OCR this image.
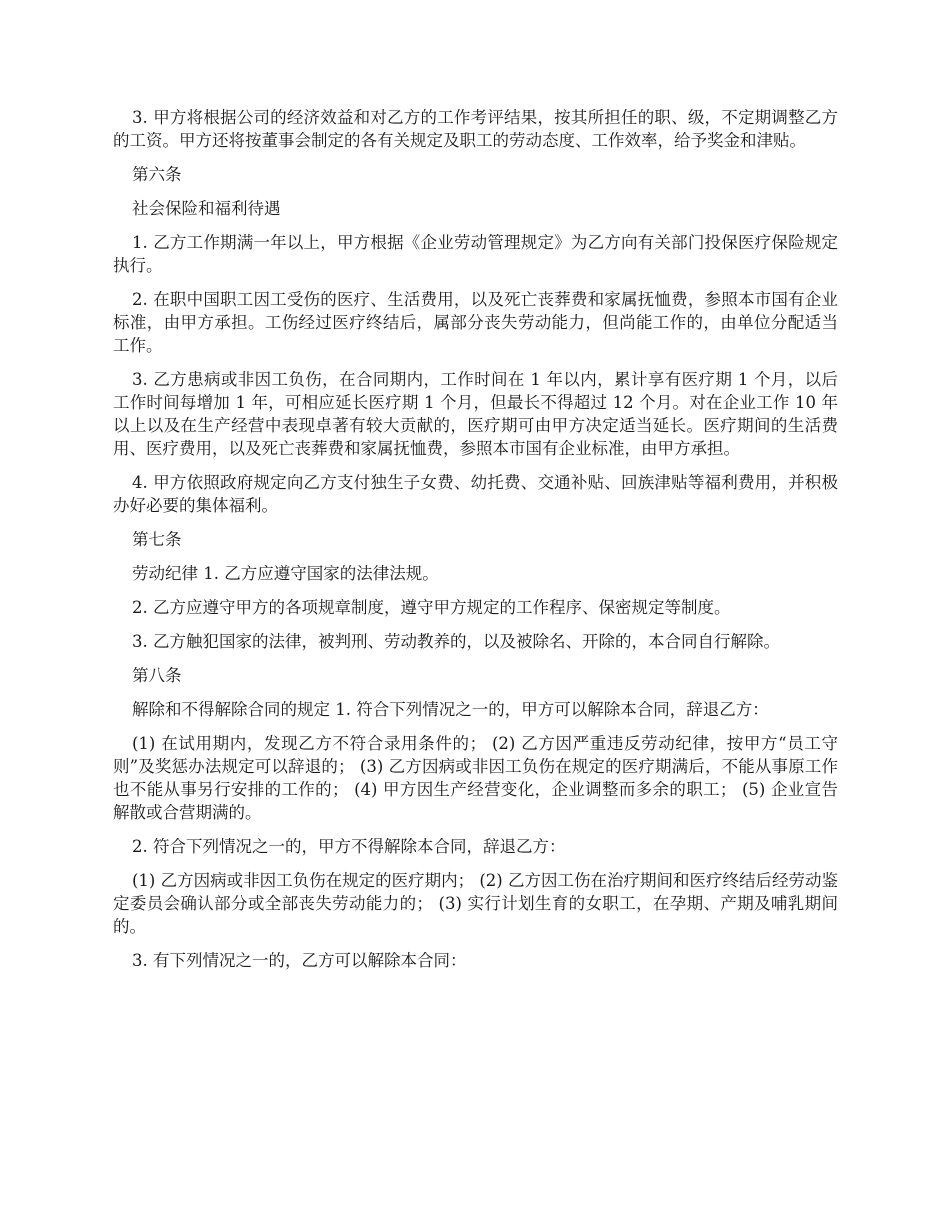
3. 甲方将根据公司的经济效益和对乙方的工作考评结果，按其所担任的职、级，不定期调整乙方的工资。甲方还将按董事会制定的各有关规定及职工的劳动态度、工作效率，给予奖金和津贴。

第六条

社会保险和福利待遇

1. 乙方工作期满一年以上，甲方根据《企业劳动管理规定》为乙方向有关部门投保医疗保险规定执行。

2. 在职中国职工因工受伤的医疗、生活费用，以及死亡丧葬费和家属抚恤费，参照本市国有企业标准，由甲方承担。工伤经过医疗终结后，属部分丧失劳动能力，但尚能工作的，由单位分配适当工作。

3. 乙方患病或非因工负伤，在合同期内，工作时间在 1 年以内，累计享有医疗期 1 个月，以后工作时间每增加 1 年，可相应延长医疗期 1 个月，但最长不得超过 12 个月。对在企业工作 10 年以上以及在生产经营中表现卓著有较大贡献的，医疗期可由甲方决定适当延长。医疗期间的生活费用、医疗费用，以及死亡丧葬费和家属抚恤费，参照本市国有企业标准，由甲方承担。

4. 甲方依照政府规定向乙方支付独生子女费、幼托费、交通补贴、回族津贴等福利费用，并积极办好必要的集体福利。

第七条

劳动纪律 1. 乙方应遵守国家的法律法规。

2. 乙方应遵守甲方的各项规章制度，遵守甲方规定的工作程序、保密规定等制度。

3. 乙方触犯国家的法律，被判刑、劳动教养的，以及被除名、开除的，本合同自行解除。

第八条

解除和不得解除合同的规定 1. 符合下列情况之一的，甲方可以解除本合同，辞退乙方：

(1) 在试用期内，发现乙方不符合录用条件的； (2) 乙方因严重违反劳动纪律，按甲方“员工守则”及奖惩办法规定可以辞退的； (3) 乙方因病或非因工负伤在规定的医疗期满后，不能从事原工作也不能从事另行安排的工作的； (4) 甲方因生产经营变化，企业调整而多余的职工； (5) 企业宣告解散或合营期满的。

2. 符合下列情况之一的，甲方不得解除本合同，辞退乙方：

(1) 乙方因病或非因工负伤在规定的医疗期内； (2) 乙方因工伤在治疗期间和医疗终结后经劳动鉴定委员会确认部分或全部丧失劳动能力的； (3) 实行计划生育的女职工，在孕期、产期及哺乳期间的。

3. 有下列情况之一的，乙方可以解除本合同：
